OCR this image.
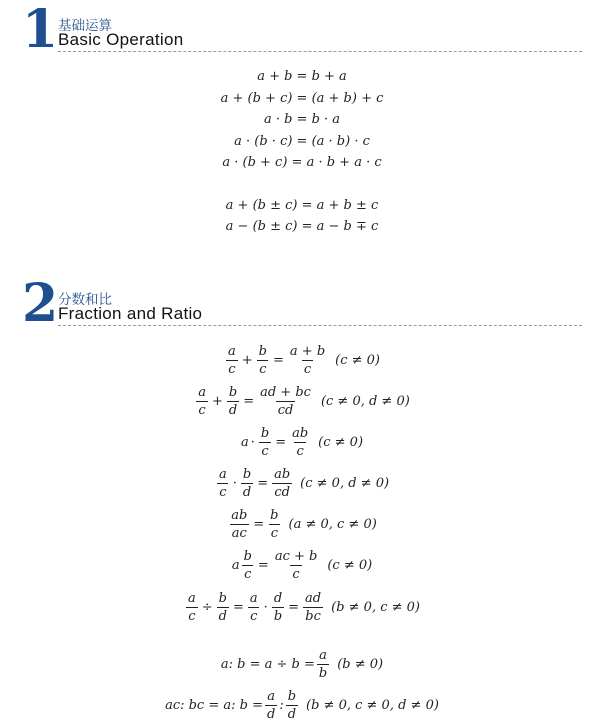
1 基础运算
Basic Operation
a + b = b + a
a + (b + c) = (a + b) + c
a · b = b · a
a · (b · c) = (a · b) · c
a · (b + c) = a · b + a · c
a + (b ± c) = a + b ± c
a − (b ± c) = a − b ∓ c
2 分数和比
Fraction and Ratio
$\frac{a}{c} + \frac{b}{c} = \frac{a + b}{c} (c \ne 0)$
$\frac{a}{c} + \frac{b}{d} = \frac{ad + bc}{cd} (c \ne 0$, d ≠ 0)
$a \cdot \frac{b}{c} = \frac{ab}{c} (c \ne 0)$
$\frac{a}{c} \cdot \frac{b}{d} = \frac{ab}{cd} (c \ne 0$, d ≠ 0)
$\frac{ab}{ac} = \frac{b}{c} (a \ne 0$, c ≠ 0)
a $\frac{b}{c} = \frac{ac + b}{c} (c \ne 0)$
$\frac{a}{c} \div \frac{b}{d} = \frac{a}{c} \cdot \frac{d}{b} = \frac{ad}{bc} (b \ne 0$, c ≠ 0)
a: $b = a \div b = \frac{a}{b} (b \ne 0)$
ac: bc = a: $b = \frac{a}{d}$ : $\frac{b}{d} (b \ne 0$, c ≠ 0, d ≠ 0)
